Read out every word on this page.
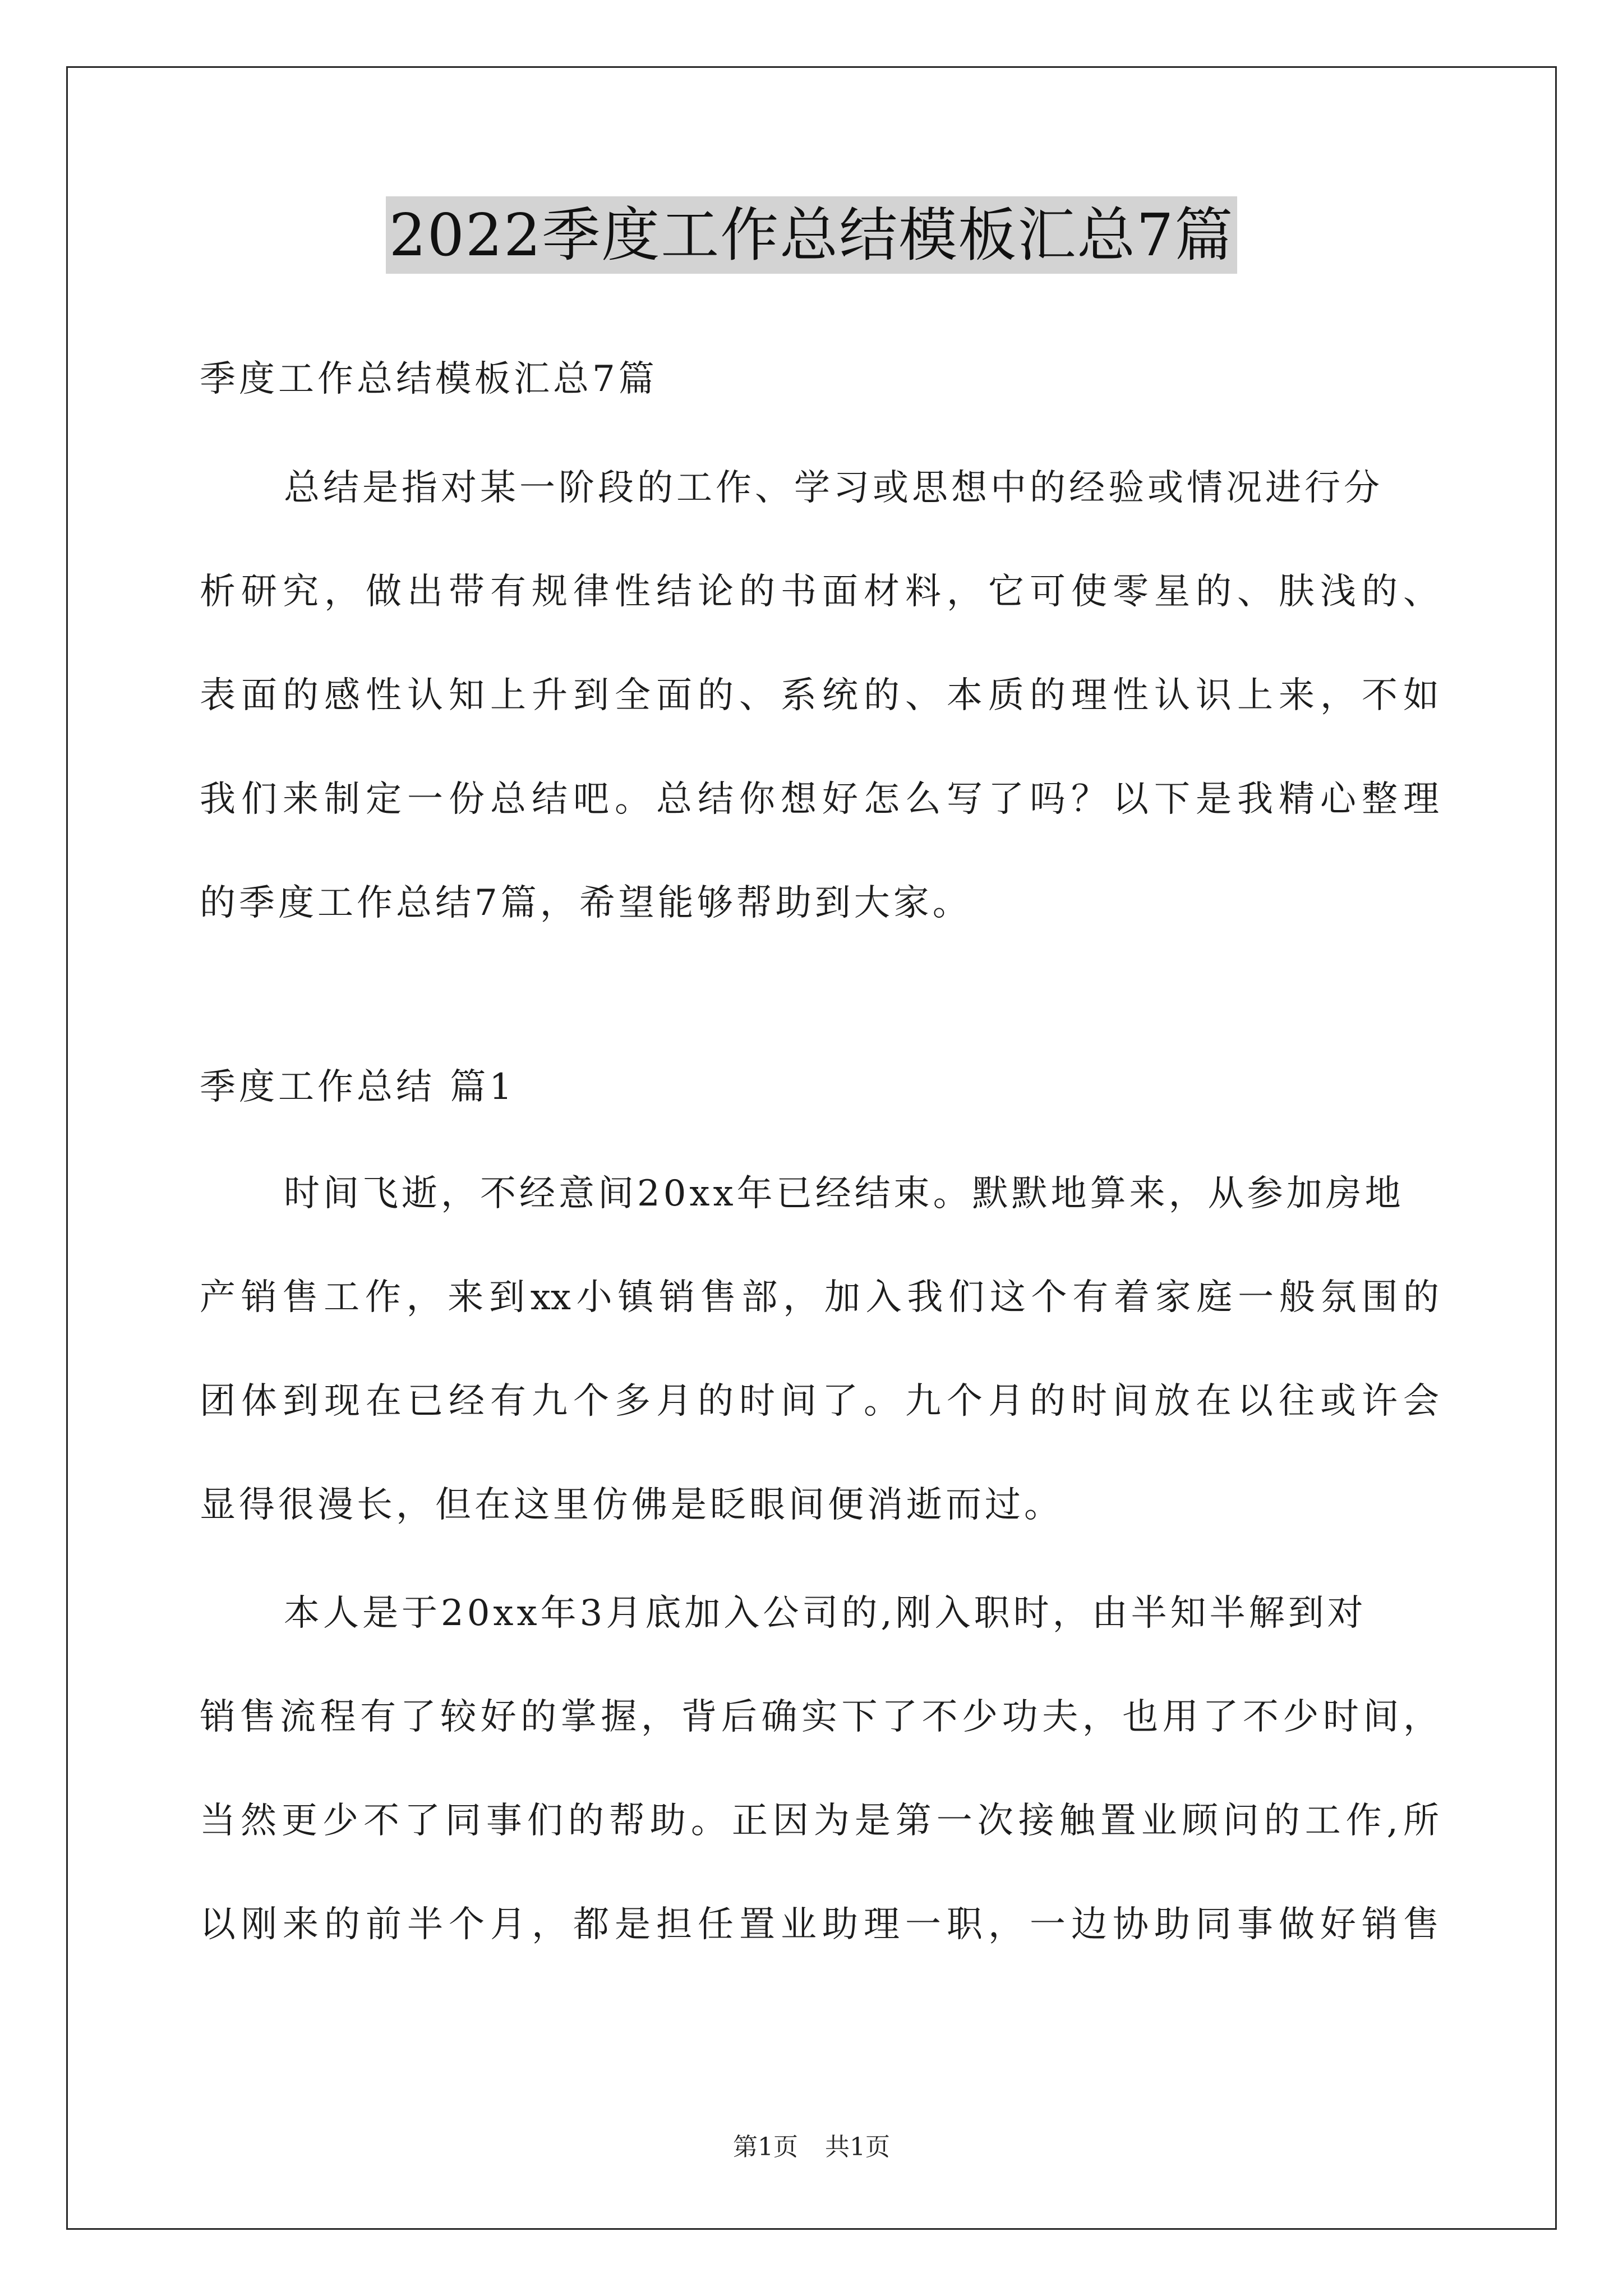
2022季度工作总结模板汇总7篇
季度工作总结模板汇总7篇
总结是指对某一阶段的工作、学习或思想中的经验或情况进行分
析研究，做出带有规律性结论的书面材料，它可使零星的、肤浅的、
表面的感性认知上升到全面的、系统的、本质的理性认识上来，不如
我们来制定一份总结吧。总结你想好怎么写了吗？以下是我精心整理
的季度工作总结7篇，希望能够帮助到大家。
季度工作总结 篇1
时间飞逝，不经意间20xx年已经结束。默默地算来，从参加房地
产销售工作，来到xx小镇销售部，加入我们这个有着家庭一般氛围的
团体到现在已经有九个多月的时间了。九个月的时间放在以往或许会
显得很漫长，但在这里仿佛是眨眼间便消逝而过。
本人是于20xx年3月底加入公司的,刚入职时，由半知半解到对
销售流程有了较好的掌握，背后确实下了不少功夫，也用了不少时间，
当然更少不了同事们的帮助。正因为是第一次接触置业顾问的工作,所
以刚来的前半个月，都是担任置业助理一职，一边协助同事做好销售
第1页 共1页
